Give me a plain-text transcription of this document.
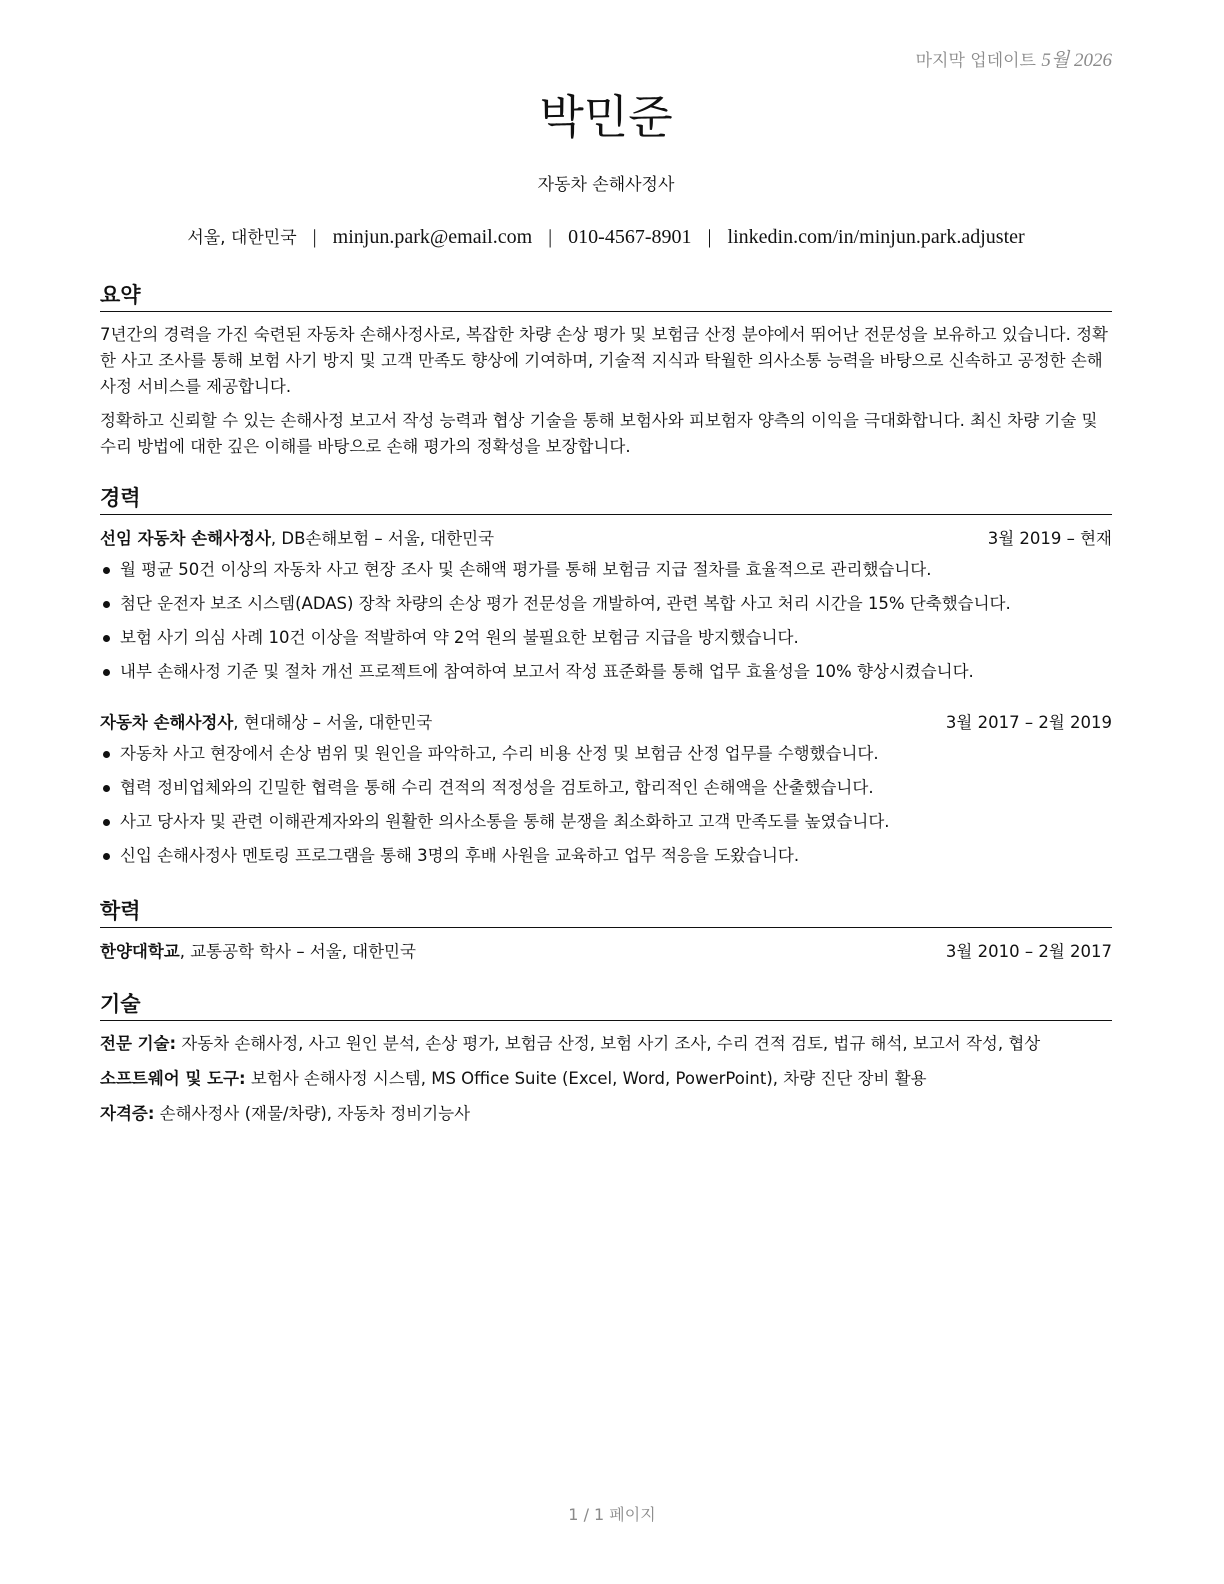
마지막 업데이트 5월 2026
박민준
자동차 손해사정사
서울, 대한민국 | minjun.park@email.com | 010-4567-8901 | linkedin.com/in/minjun.park.adjuster
요약

7년간의 경력을 가진 숙련된 자동차 손해사정사로, 복잡한 차량 손상 평가 및 보험금 산정 분야에서 뛰어난 전문성을 보유하고 있습니다. 정확한 사고 조사를 통해 보험 사기 방지 및 고객 만족도 향상에 기여하며, 기술적 지식과 탁월한 의사소통 능력을 바탕으로 신속하고 공정한 손해사정 서비스를 제공합니다.

정확하고 신뢰할 수 있는 손해사정 보고서 작성 능력과 협상 기술을 통해 보험사와 피보험자 양측의 이익을 극대화합니다. 최신 차량 기술 및 수리 방법에 대한 깊은 이해를 바탕으로 손해 평가의 정확성을 보장합니다.

경력
선임 자동차 손해사정사, DB손해보험 – 서울, 대한민국	3월 2019 – 현재
월 평균 50건 이상의 자동차 사고 현장 조사 및 손해액 평가를 통해 보험금 지급 절차를 효율적으로 관리했습니다.
첨단 운전자 보조 시스템(ADAS) 장착 차량의 손상 평가 전문성을 개발하여, 관련 복합 사고 처리 시간을 15% 단축했습니다.
보험 사기 의심 사례 10건 이상을 적발하여 약 2억 원의 불필요한 보험금 지급을 방지했습니다.
내부 손해사정 기준 및 절차 개선 프로젝트에 참여하여 보고서 작성 표준화를 통해 업무 효율성을 10% 향상시켰습니다.
자동차 손해사정사, 현대해상 – 서울, 대한민국	3월 2017 – 2월 2019
자동차 사고 현장에서 손상 범위 및 원인을 파악하고, 수리 비용 산정 및 보험금 산정 업무를 수행했습니다.
협력 정비업체와의 긴밀한 협력을 통해 수리 견적의 적정성을 검토하고, 합리적인 손해액을 산출했습니다.
사고 당사자 및 관련 이해관계자와의 원활한 의사소통을 통해 분쟁을 최소화하고 고객 만족도를 높였습니다.
신입 손해사정사 멘토링 프로그램을 통해 3명의 후배 사원을 교육하고 업무 적응을 도왔습니다.
학력
한양대학교, 교통공학 학사 – 서울, 대한민국	3월 2010 – 2월 2017
기술
전문 기술: 자동차 손해사정, 사고 원인 분석, 손상 평가, 보험금 산정, 보험 사기 조사, 수리 견적 검토, 법규 해석, 보고서 작성, 협상
소프트웨어 및 도구: 보험사 손해사정 시스템, MS Office Suite (Excel, Word, PowerPoint), 차량 진단 장비 활용
자격증: 손해사정사 (재물/차량), 자동차 정비기능사
1 / 1 페이지
